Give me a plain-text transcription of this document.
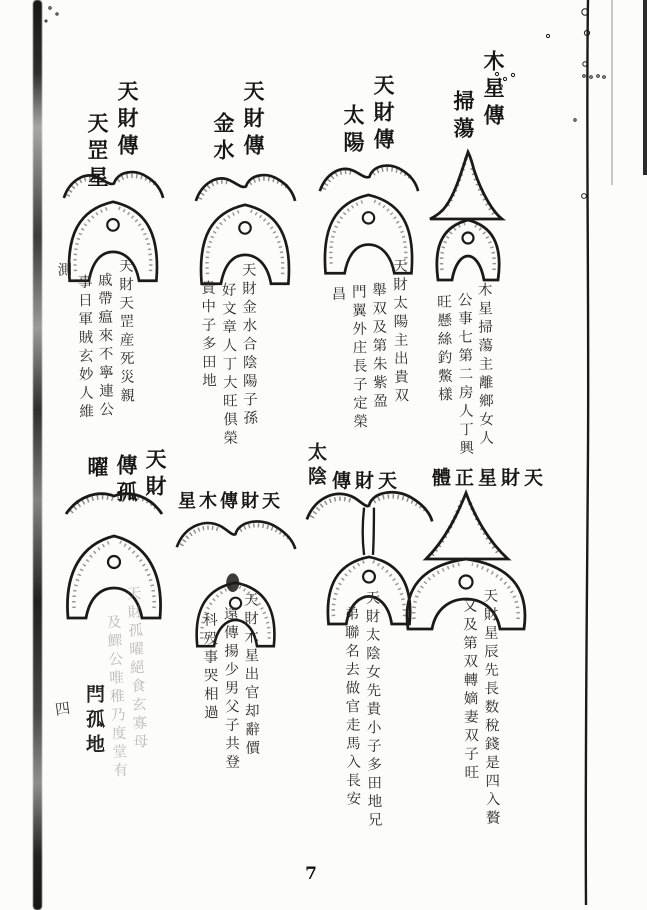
木星傳
掃蕩
木星掃蕩主離鄉女人
公事七第二房人丁興
旺懸絲釣鱉樣
天財傳
太陽
天財太陽主出貴双
舉双及第朱紫盈
門翼外庄長子定榮
昌
天財傳
金水
天財金水合陰陽子孫
好文章人丁大旺俱榮
貴中子多田地
天財傳
天罡星
天財天罡産死災親
戚帶瘟來不寧連公
事日軍賊玄妙人維
測
體正星財天
天財星辰先長数稅錢是四入贅
又及第双轉嫡妻双子旺
太陰 傳財天
天財太陰女先貴小子多田地兄
弟聯名去做官走馬入長安
星木傳財天
天財木星出官却辭價
遠傳揚少男父子共登
科殁事哭相過
天財
傳孤
曜
天財孤曜絕食玄寡母
及鰥公唯稚乃度堂有
閂孤地
四
7
